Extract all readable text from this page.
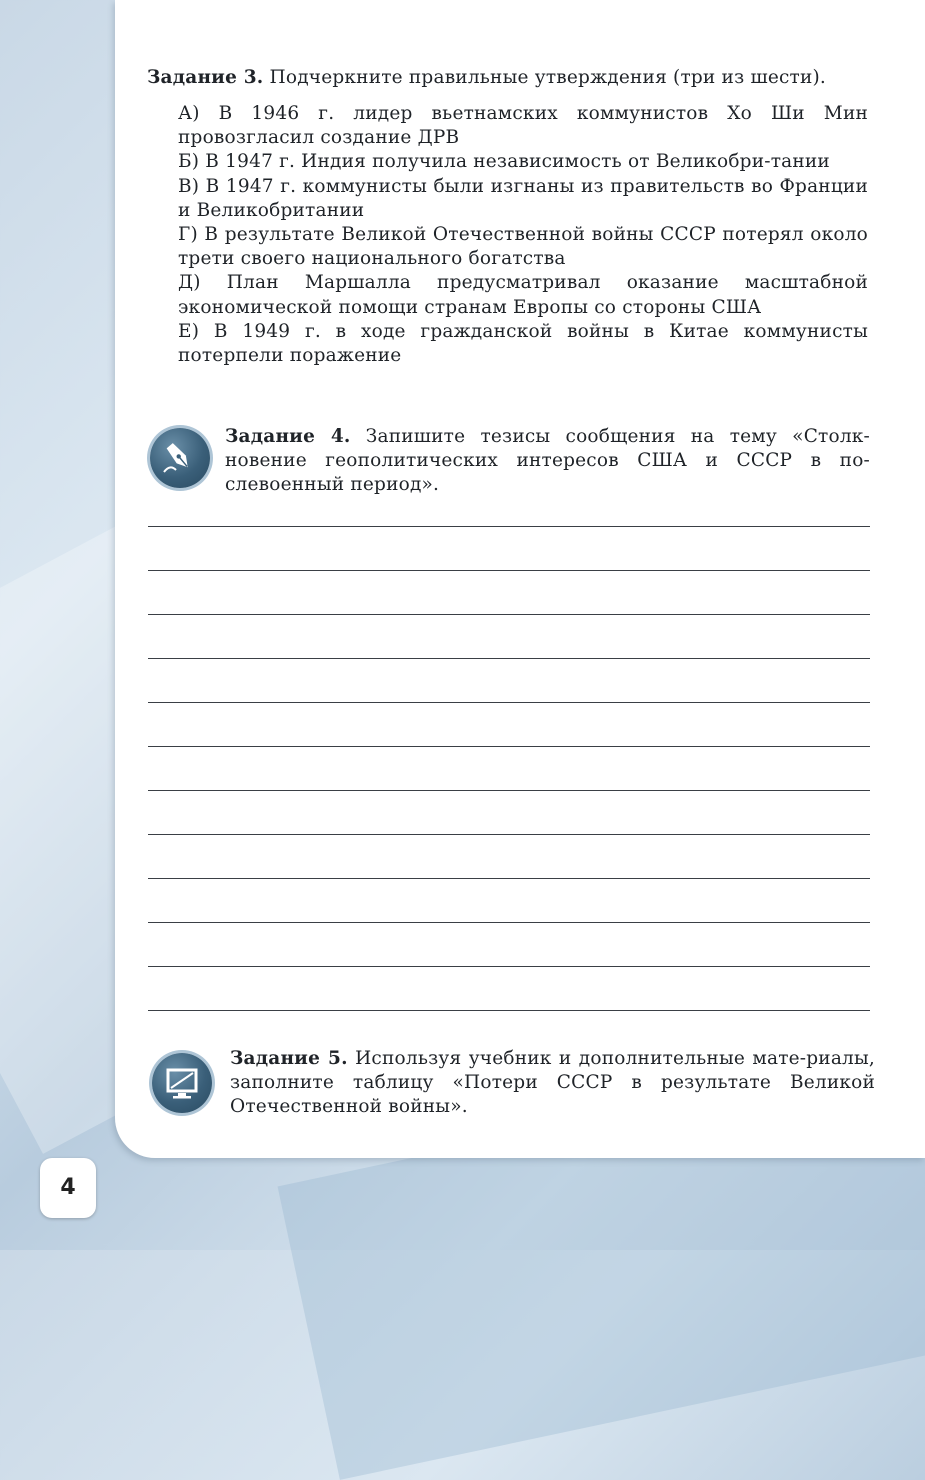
Задание 3. Подчеркните правильные утверждения (три из шести).
А) В 1946 г. лидер вьетнамских коммунистов Хо Ши Мин провозгласил создание ДРВ
Б) В 1947 г. Индия получила независимость от Великобри-тании
В) В 1947 г. коммунисты были изгнаны из правительств во Франции и Великобритании
Г) В результате Великой Отечественной войны СССР потерял около трети своего национального богатства
Д) План Маршалла предусматривал оказание масштабной экономической помощи странам Европы со стороны США
Е) В 1949 г. в ходе гражданской войны в Китае коммунисты потерпели поражение
Задание 4. Запишите тезисы сообщения на тему «Столк-новение геополитических интересов США и СССР в по-слевоенный период».
Задание 5. Используя учебник и дополнительные мате-риалы, заполните таблицу «Потери СССР в результате Великой Отечественной войны».
4
